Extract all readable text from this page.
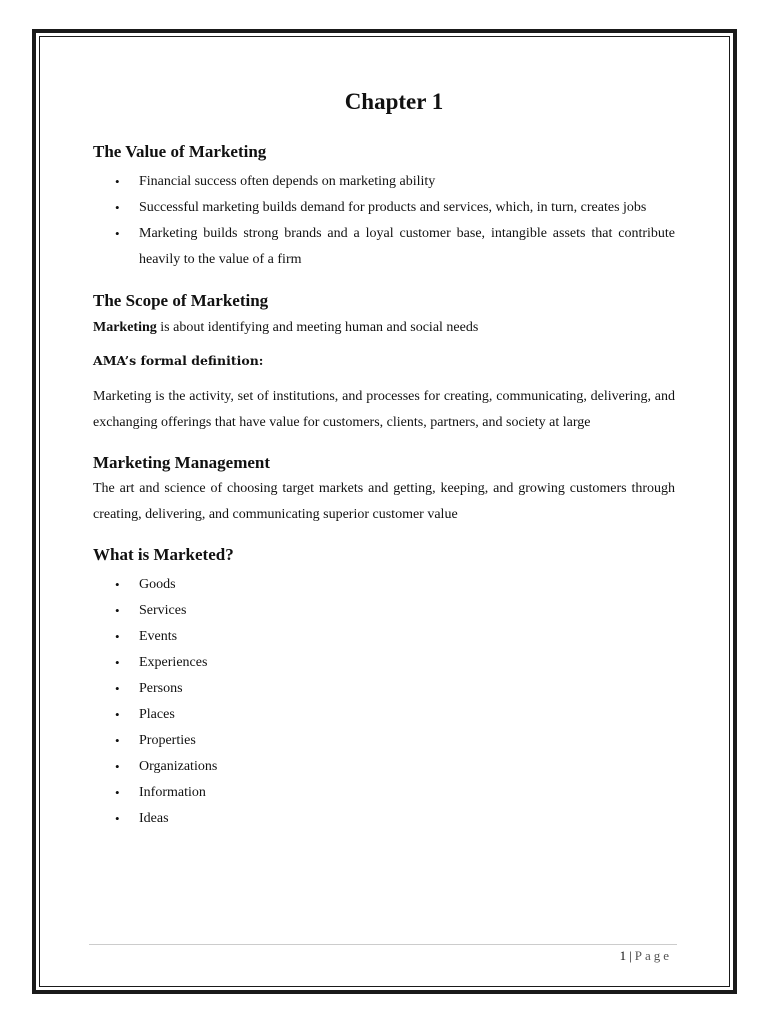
Chapter 1
The Value of Marketing
• Financial success often depends on marketing ability
• Successful marketing builds demand for products and services, which, in turn, creates jobs
• Marketing builds strong brands and a loyal customer base, intangible assets that contribute heavily to the value of a firm
The Scope of Marketing

Marketing is about identifying and meeting human and social needs

AMA’s formal definition:

Marketing is the activity, set of institutions, and processes for creating, communicating, delivering, and exchanging offerings that have value for customers, clients, partners, and society at large

Marketing Management

The art and science of choosing target markets and getting, keeping, and growing customers through creating, delivering, and communicating superior customer value

What is Marketed?
• Goods
• Services
• Events
• Experiences
• Persons
• Places
• Properties
• Organizations
• Information
• Ideas
1 | Page
